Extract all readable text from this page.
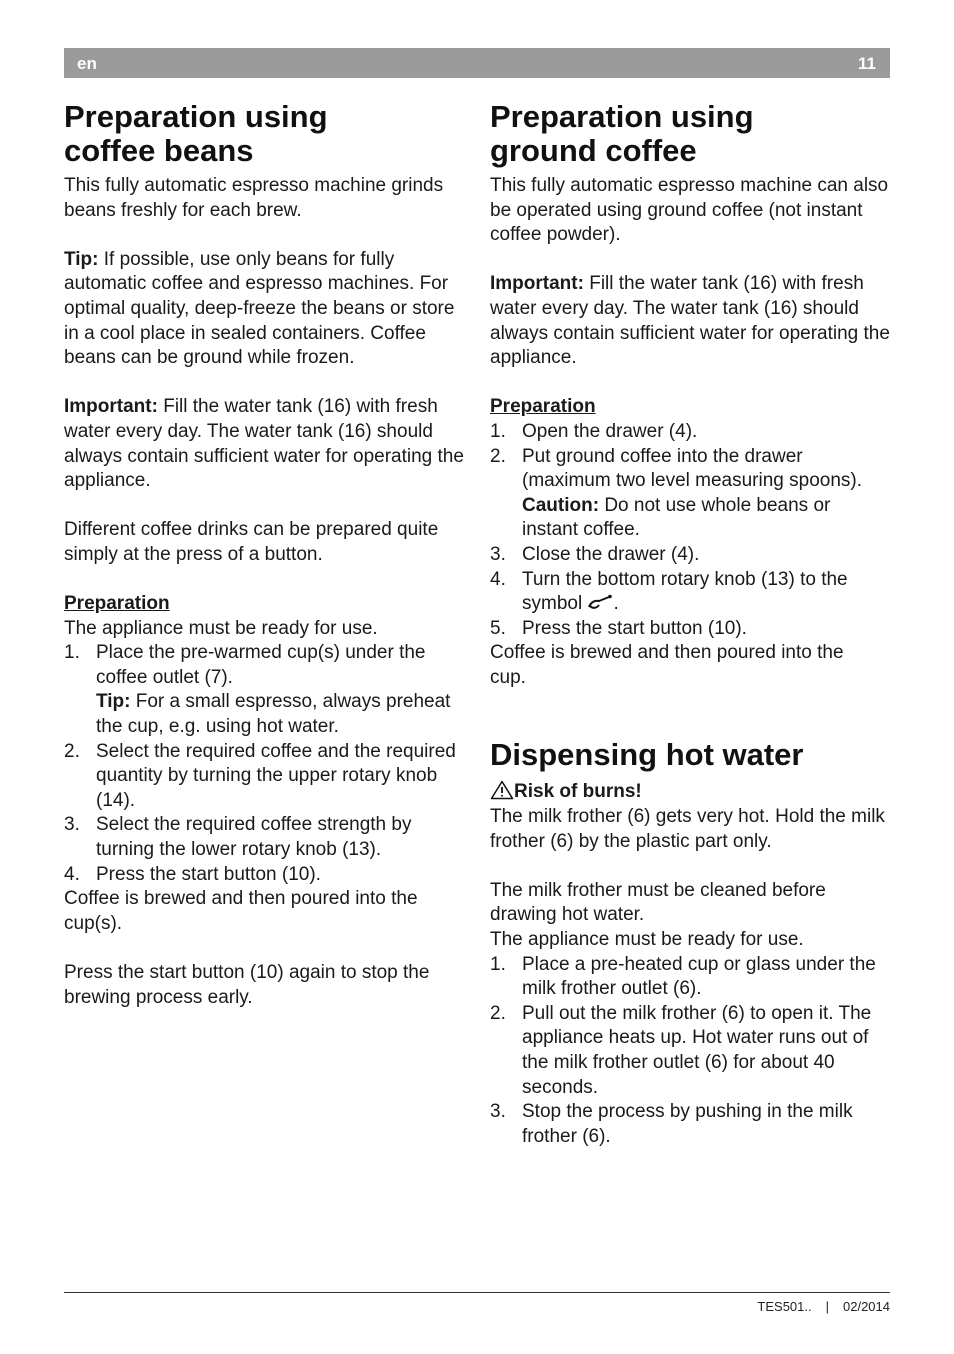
en	11
Preparation using coffee beans

This fully automatic espresso machine grinds beans freshly for each brew.

Tip: If possible, use only beans for fully automatic coffee and espresso machines. For optimal quality, deep-freeze the beans or store in a cool place in sealed containers. Coffee beans can be ground while frozen.

Important: Fill the water tank (16) with fresh water every day. The water tank (16) should always contain sufficient water for operating the appliance.

Different coffee drinks can be prepared quite simply at the press of a button.

Preparation

The appliance must be ready for use.

1. Place the pre-warmed cup(s) under the coffee outlet (7).
Tip: For a small espresso, always preheat the cup, e.g. using hot water.
2. Select the required coffee and the required quantity by turning the upper rotary knob (14).
3. Select the required coffee strength by turning the lower rotary knob (13).
4. Press the start button (10).

Coffee is brewed and then poured into the cup(s).

Press the start button (10) again to stop the brewing process early.

Preparation using ground coffee

This fully automatic espresso machine can also be operated using ground coffee (not instant coffee powder).

Important: Fill the water tank (16) with fresh water every day. The water tank (16) should always contain sufficient water for operating the appliance.

Preparation

1. Open the drawer (4).
2. Put ground coffee into the drawer (maximum two level measuring spoons).
Caution: Do not use whole beans or instant coffee.
3. Close the drawer (4).
4. Turn the bottom rotary knob (13) to the symbol .
5. Press the start button (10).

Coffee is brewed and then poured into the cup.

Dispensing hot water

Risk of burns!

The milk frother (6) gets very hot. Hold the milk frother (6) by the plastic part only.

The milk frother must be cleaned before drawing hot water.

The appliance must be ready for use.

1. Place a pre-heated cup or glass under the milk frother outlet (6).
2. Pull out the milk frother (6) to open it. The appliance heats up. Hot water runs out of the milk frother outlet (6) for about 40 seconds.
3. Stop the process by pushing in the milk frother (6).
TES501.. | 02/2014
